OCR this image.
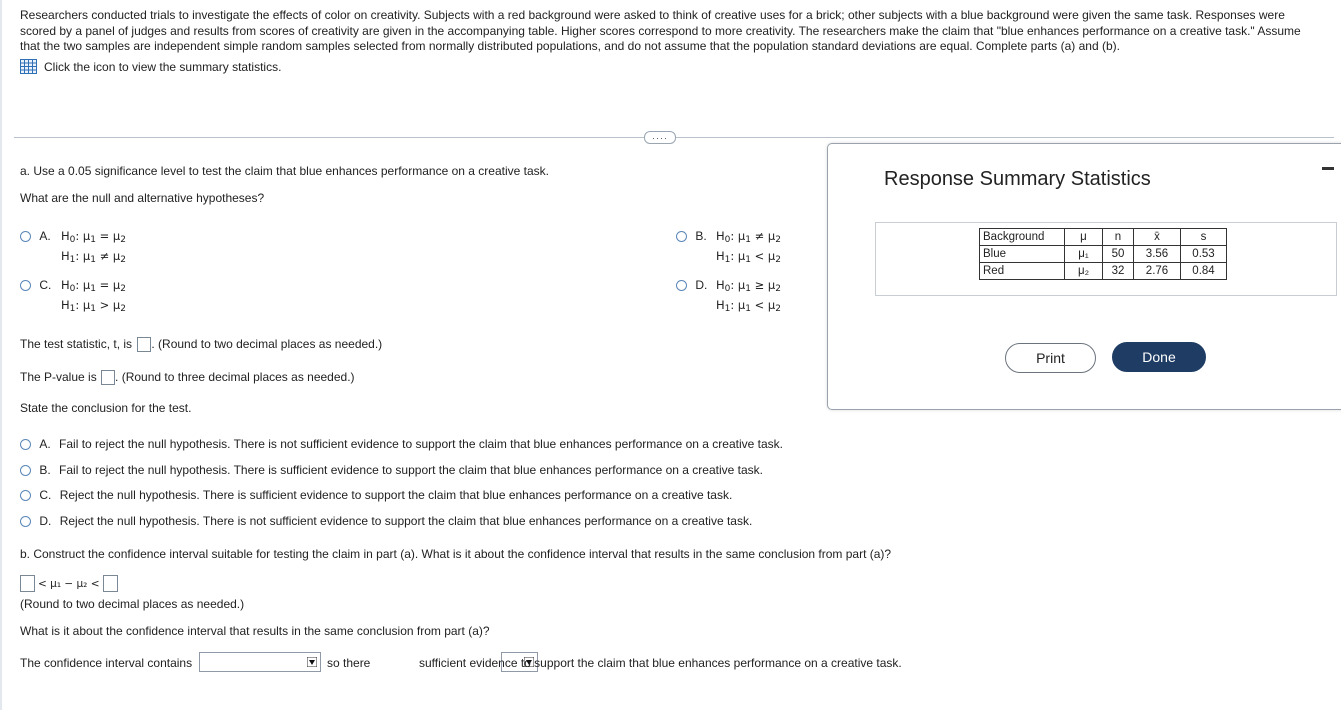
Researchers conducted trials to investigate the effects of color on creativity. Subjects with a red background were asked to think of creative uses for a brick; other subjects with a blue background were given the same task. Responses were scored by a panel of judges and results from scores of creativity are given in the accompanying table. Higher scores correspond to more creativity. The researchers make the claim that "blue enhances performance on a creative task." Assume that the two samples are independent simple random samples selected from normally distributed populations, and do not assume that the population standard deviations are equal. Complete parts (a) and (b).
Click the icon to view the summary statistics.
····
a. Use a 0.05 significance level to test the claim that blue enhances performance on a creative task.
What are the null and alternative hypotheses?
A. $H_0$: $\mu_1 = \mu_2$
$H_1$: $\mu_1 \ne \mu_2$
B. $H_0$: $\mu_1 \ne \mu_2$
$H_1$: $\mu_1 < \mu_2$
C. $H_0$: $\mu_1 = \mu_2$
$H_1$: $\mu_1 > \mu_2$
D. $H_0$: $\mu_1 \ge \mu_2$
$H_1$: $\mu_1 < \mu_2$
The test statistic, t, is . (Round to two decimal places as needed.)
The P-value is . (Round to three decimal places as needed.)
State the conclusion for the test.
A. Fail to reject the null hypothesis. There is not sufficient evidence to support the claim that blue enhances performance on a creative task.
B. Fail to reject the null hypothesis. There is sufficient evidence to support the claim that blue enhances performance on a creative task.
C. Reject the null hypothesis. There is sufficient evidence to support the claim that blue enhances performance on a creative task.
D. Reject the null hypothesis. There is not sufficient evidence to support the claim that blue enhances performance on a creative task.
b. Construct the confidence interval suitable for testing the claim in part (a). What is it about the confidence interval that results in the same conclusion from part (a)?
< μ₁ − μ₂ <
(Round to two decimal places as needed.)
What is it about the confidence interval that results in the same conclusion from part (a)?
The confidence interval contains
	so there	sufficient evidence to support the claim that blue enhances performance on a creative task.
Response Summary Statistics
Background	μ	n	x̄	s
Blue	μ₁	50	3.56	0.53
Red	μ₂	32	2.76	0.84
Print	Done
